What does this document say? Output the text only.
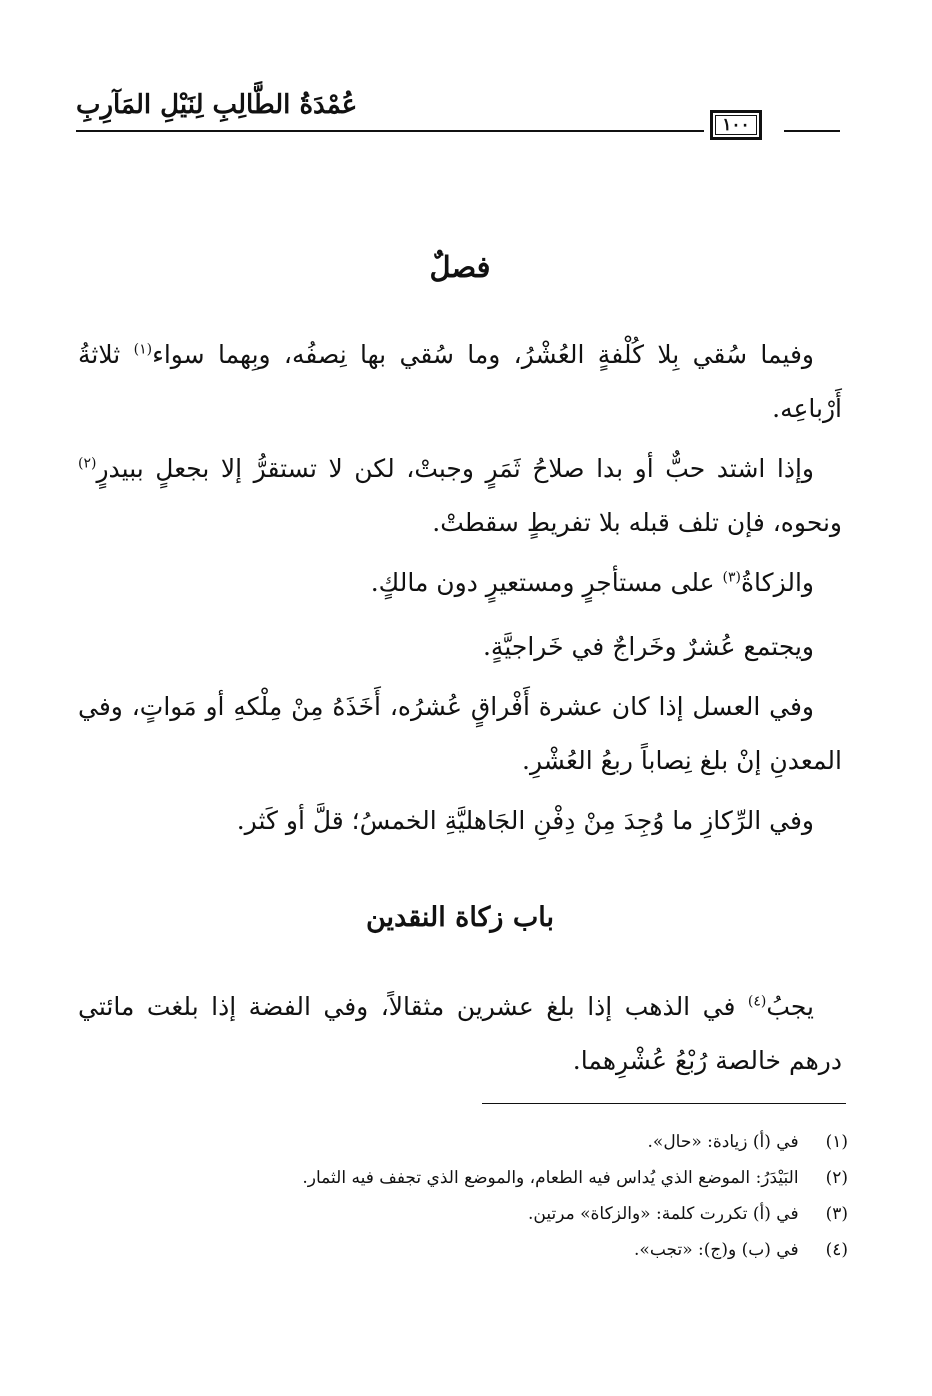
عُمْدَةُ الطَّالِبِ لِنَيْلِ المَآرِبِ
١٠٠
فصلٌ
وفيما سُقي بِلا كُلْفةٍ العُشْرُ، وما سُقي بها نِصفُه، وبِهما سواء$^{(١)}$ ثلاثةُ أَرْباعِه.
وإذا اشتد حبٌّ أو بدا صلاحُ ثَمَرٍ وجبتْ، لكن لا تستقرُّ إلا بجعلٍ ببيدرٍ$^{(٢)}$ ونحوه، فإن تلف قبله بلا تفريطٍ سقطتْ.
والزكاةُ$^{(٣)}$ على مستأجرٍ ومستعيرٍ دون مالكٍ.
ويجتمع عُشرٌ وخَراجٌ في خَراجيَّةٍ.
وفي العسل إذا كان عشرة أَفْراقٍ عُشرُه، أَخَذَهُ مِنْ مِلْكهِ أو مَواتٍ، وفي المعدنِ إنْ بلغ نِصاباً ربعُ العُشْرِ.
وفي الرِّكازِ ما وُجِدَ مِنْ دِفْنِ الجَاهليَّةِ الخمسُ؛ قلَّ أو كَثر.
باب زكاة النقدين
يجبُ$^{(٤)}$ في الذهب إذا بلغ عشرين مثقالاً، وفي الفضة إذا بلغت مائتي درهم خالصة رُبْعُ عُشْرِهما.
(١) في (أ) زيادة: «حال».
(٢) البَيْدَرُ: الموضع الذي يُداس فيه الطعام، والموضع الذي تجفف فيه الثمار.
(٣) في (أ) تكررت كلمة: «والزكاة» مرتين.
(٤) في (ب) و(ج): «تجب».
